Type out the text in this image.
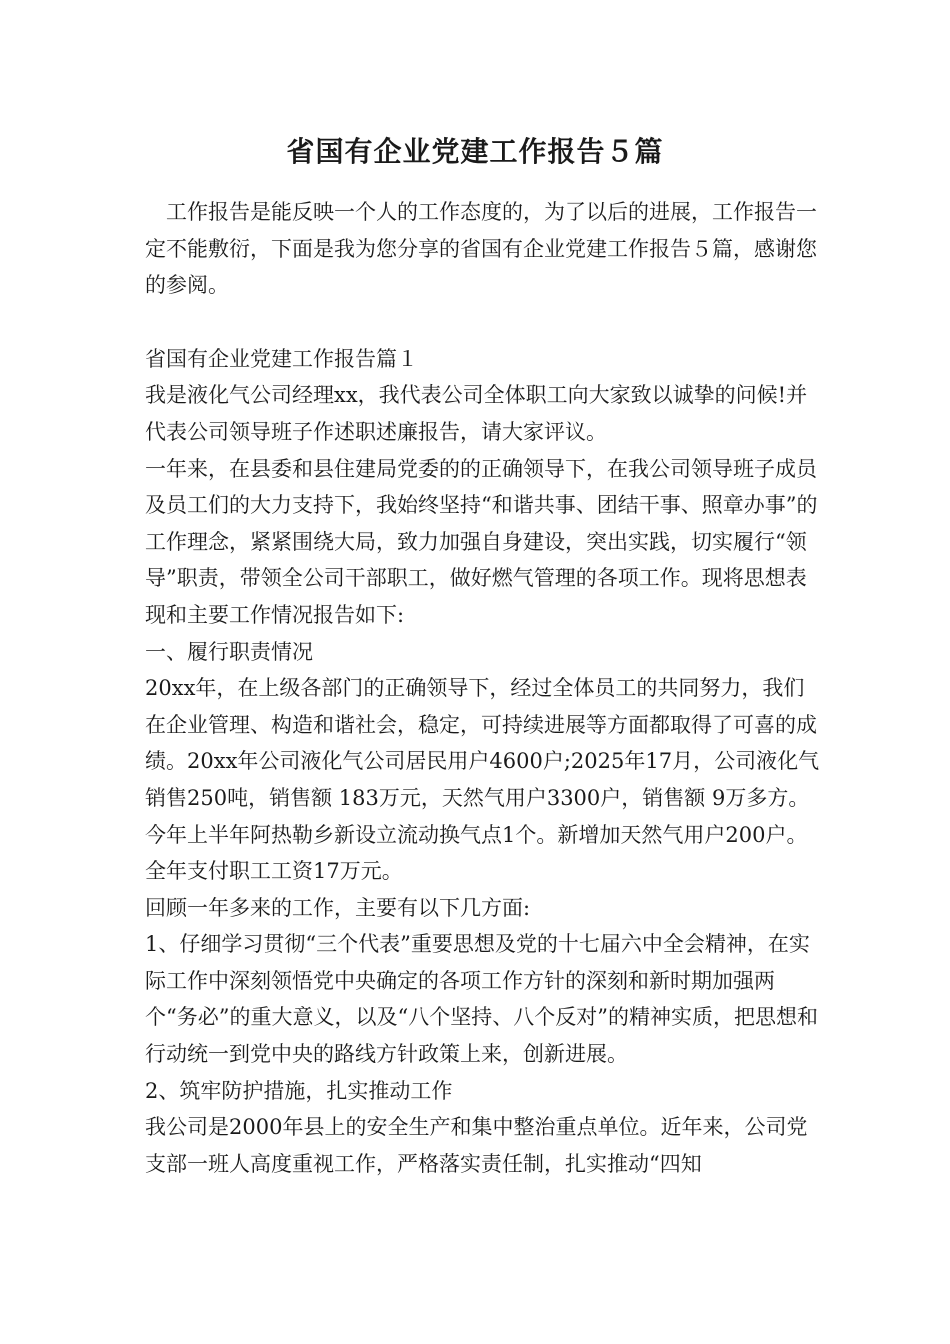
省国有企业党建工作报告５篇

工作报告是能反映一个人的工作态度的，为了以后的进展，工作报告一定不能敷衍，下面是我为您分享的省国有企业党建工作报告５篇，感谢您的参阅。

省国有企业党建工作报告篇１

我是液化气公司经理xx，我代表公司全体职工向大家致以诚挚的问候!并代表公司领导班子作述职述廉报告，请大家评议。

一年来，在县委和县住建局党委的的正确领导下，在我公司领导班子成员及员工们的大力支持下，我始终坚持“和谐共事、团结干事、照章办事”的工作理念，紧紧围绕大局，致力加强自身建设，突出实践，切实履行“领导”职责，带领全公司干部职工，做好燃气管理的各项工作。现将思想表现和主要工作情况报告如下:

一、履行职责情况

20xx年，在上级各部门的正确领导下，经过全体员工的共同努力，我们在企业管理、构造和谐社会，稳定，可持续进展等方面都取得了可喜的成绩。20xx年公司液化气公司居民用户4600户;2025年17月，公司液化气销售250吨，销售额 183万元，天然气用户3300户，销售额 9万多方。今年上半年阿热勒乡新设立流动换气点1个。新增加天然气用户200户。全年支付职工工资17万元。

回顾一年多来的工作，主要有以下几方面:

1、仔细学习贯彻“三个代表”重要思想及党的十七届六中全会精神，在实际工作中深刻领悟党中央确定的各项工作方针的深刻和新时期加强两个“务必”的重大意义，以及“八个坚持、八个反对”的精神实质，把思想和行动统一到党中央的路线方针政策上来，创新进展。

2、筑牢防护措施，扎实推动工作

我公司是2000年县上的安全生产和集中整治重点单位。近年来，公司党支部一班人高度重视工作，严格落实责任制，扎实推动“四知
